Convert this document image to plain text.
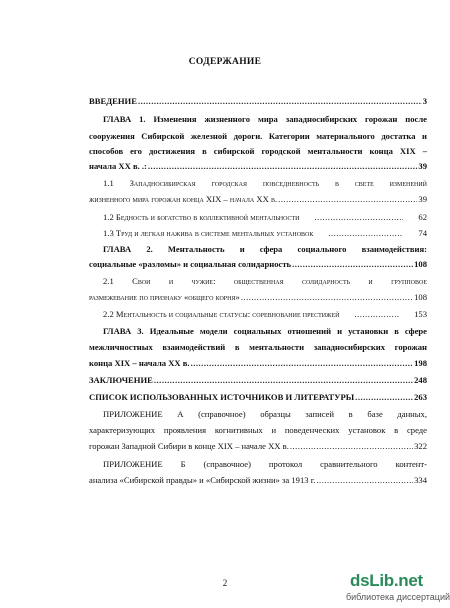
СОДЕРЖАНИЕ
ВВЕДЕНИЕ .....	3
ГЛАВА 1. Изменения жизненного мира западносибирских горожан после
сооружения Сибирской железной дороги. Категории материального достатка и
способов его достижения в сибирской городской ментальности конца XIX –
начала XX в. .: .....	39
1.1 Западносибирская городская повседневность в свете изменений
жизненного мира горожан конца XIX – начала XX в. .....	39
1.2 Бедность и богатство в коллективной ментальности .....	62
1.3 Труд и легкая нажива в системе ментальных установок .....	74
ГЛАВА 2. Ментальность и сфера социального взаимодействия:
социальные «разломы» и социальная солидарность .....	108
2.1 Свои и чужие: общественная солидарность и групповое
размежевание по признаку «общего корня» .....	108
2.2 Ментальность и социальные статусы: соревнование престижей .....	153
ГЛАВА 3. Идеальные модели социальных отношений и установки в сфере
межличностных взаимодействий в ментальности западносибирских горожан
конца XIX – начала XX в. .....	198
ЗАКЛЮЧЕНИЕ .....	248
СПИСОК ИСПОЛЬЗОВАННЫХ ИСТОЧНИКОВ И ЛИТЕРАТУРЫ .....	263
ПРИЛОЖЕНИЕ А (справочное) образцы записей в базе данных,
характеризующих проявления когнитивных и поведенческих установок в среде
горожан Западной Сибири в конце XIX – начале XX в. .....	322
ПРИЛОЖЕНИЕ Б (справочное) протокол сравнительного контент-
анализа «Сибирской правды» и «Сибирской жизни» за 1913 г. .....	334
2	dsLib.net
библиотека диссертаций
